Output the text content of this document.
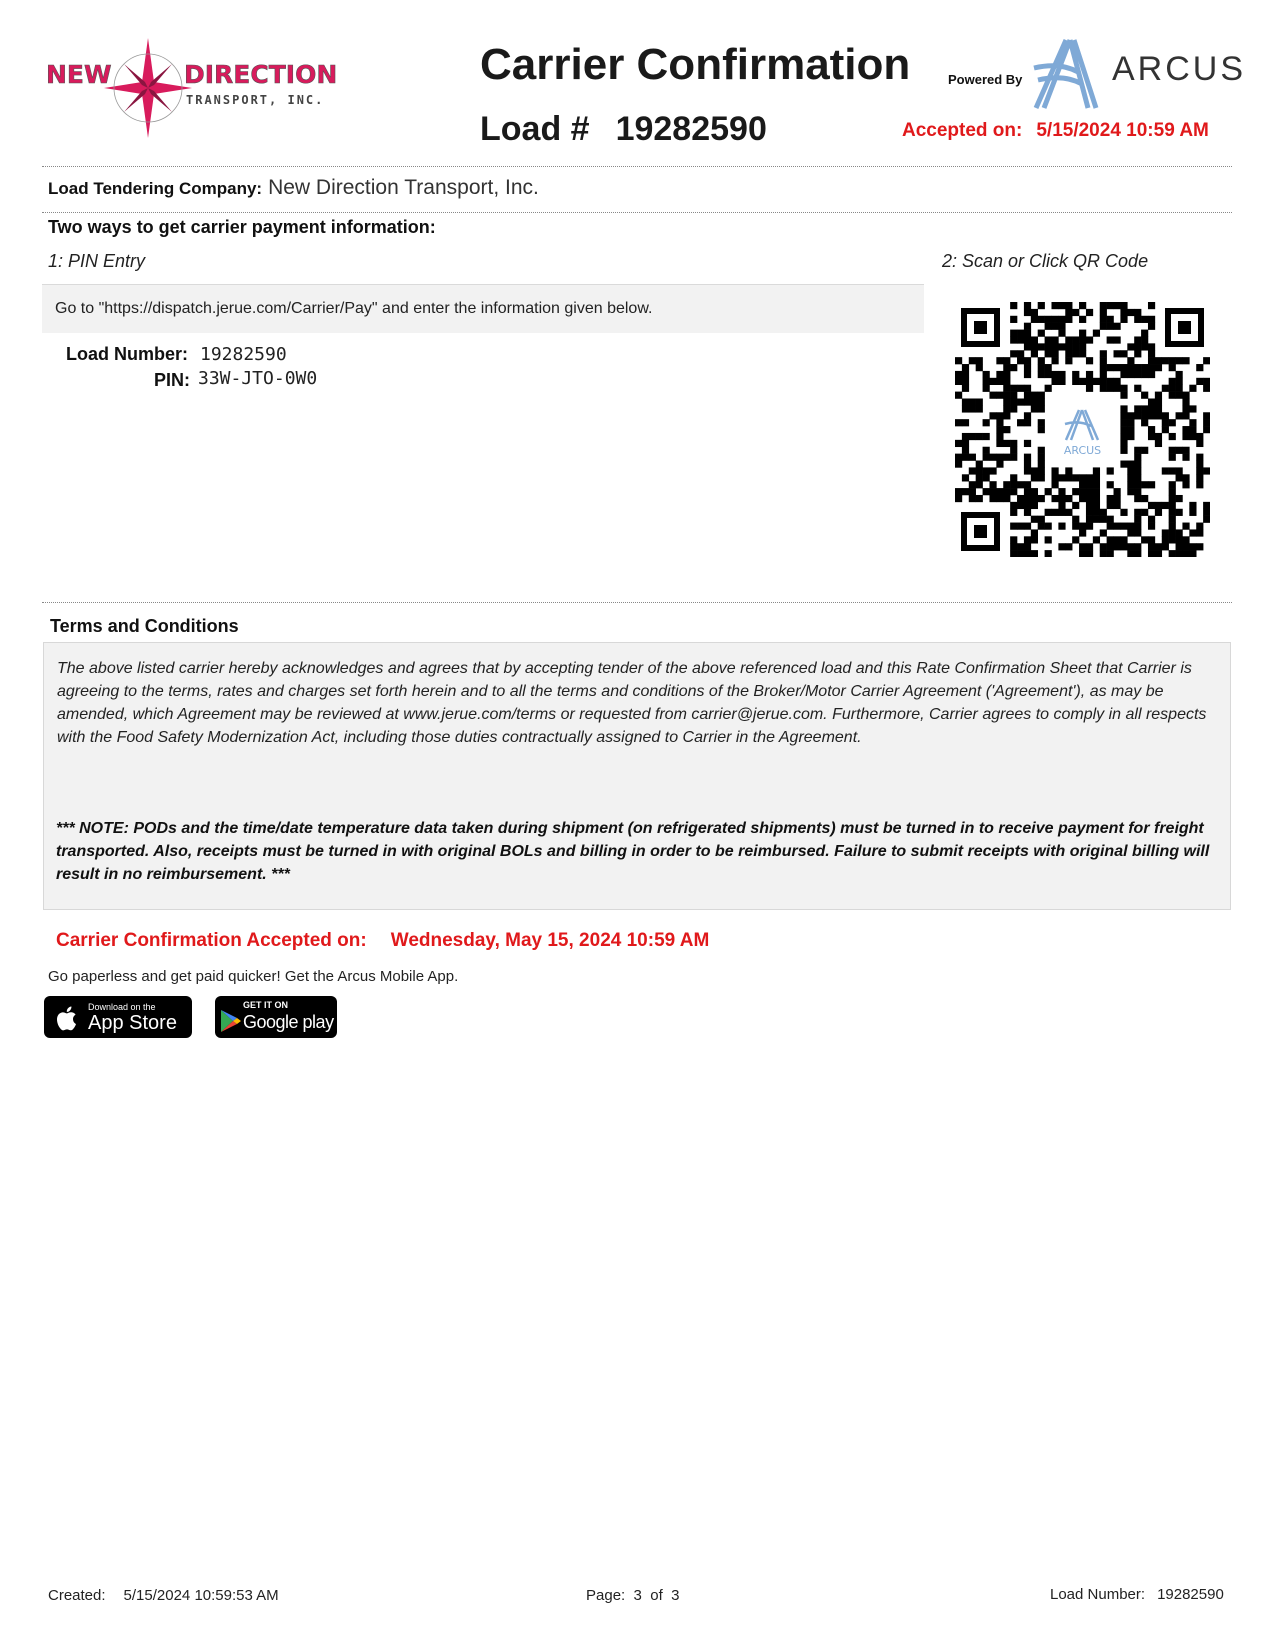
NEW	DIRECTION
TRANSPORT, INC.
Carrier Confirmation
Load # 19282590
Powered By	ARCUS
Accepted on: 5/15/2024 10:59 AM
Load Tendering Company: New Direction Transport, Inc.
Two ways to get carrier payment information:
1: PIN Entry	2: Scan or Click QR Code
Go to "https://dispatch.jerue.com/Carrier/Pay" and enter the information given below.
Load Number: 19282590
PIN: 33W-JTO-0W0
ARCUS
Terms and Conditions
The above listed carrier hereby acknowledges and agrees that by accepting tender of the above referenced load and this Rate Confirmation Sheet that Carrier is agreeing to the terms, rates and charges set forth herein and to all the terms and conditions of the Broker/Motor Carrier Agreement ('Agreement'), as may be amended, which Agreement may be reviewed at www.jerue.com/terms or requested from carrier@jerue.com. Furthermore, Carrier agrees to comply in all respects with the Food Safety Modernization Act, including those duties contractually assigned to Carrier in the Agreement.
*** NOTE: PODs and the time/date temperature data taken during shipment (on refrigerated shipments) must be turned in to receive payment for freight transported. Also, receipts must be turned in with original BOLs and billing in order to be reimbursed. Failure to submit receipts with original billing will result in no reimbursement. ***
Carrier Confirmation Accepted on: Wednesday, May 15, 2024 10:59 AM
Go paperless and get paid quicker! Get the Arcus Mobile App.
Download on the
App Store
GET IT ON
Google play
Created: 5/15/2024 10:59:53 AM	Page: 3 of 3	Load Number: 19282590
